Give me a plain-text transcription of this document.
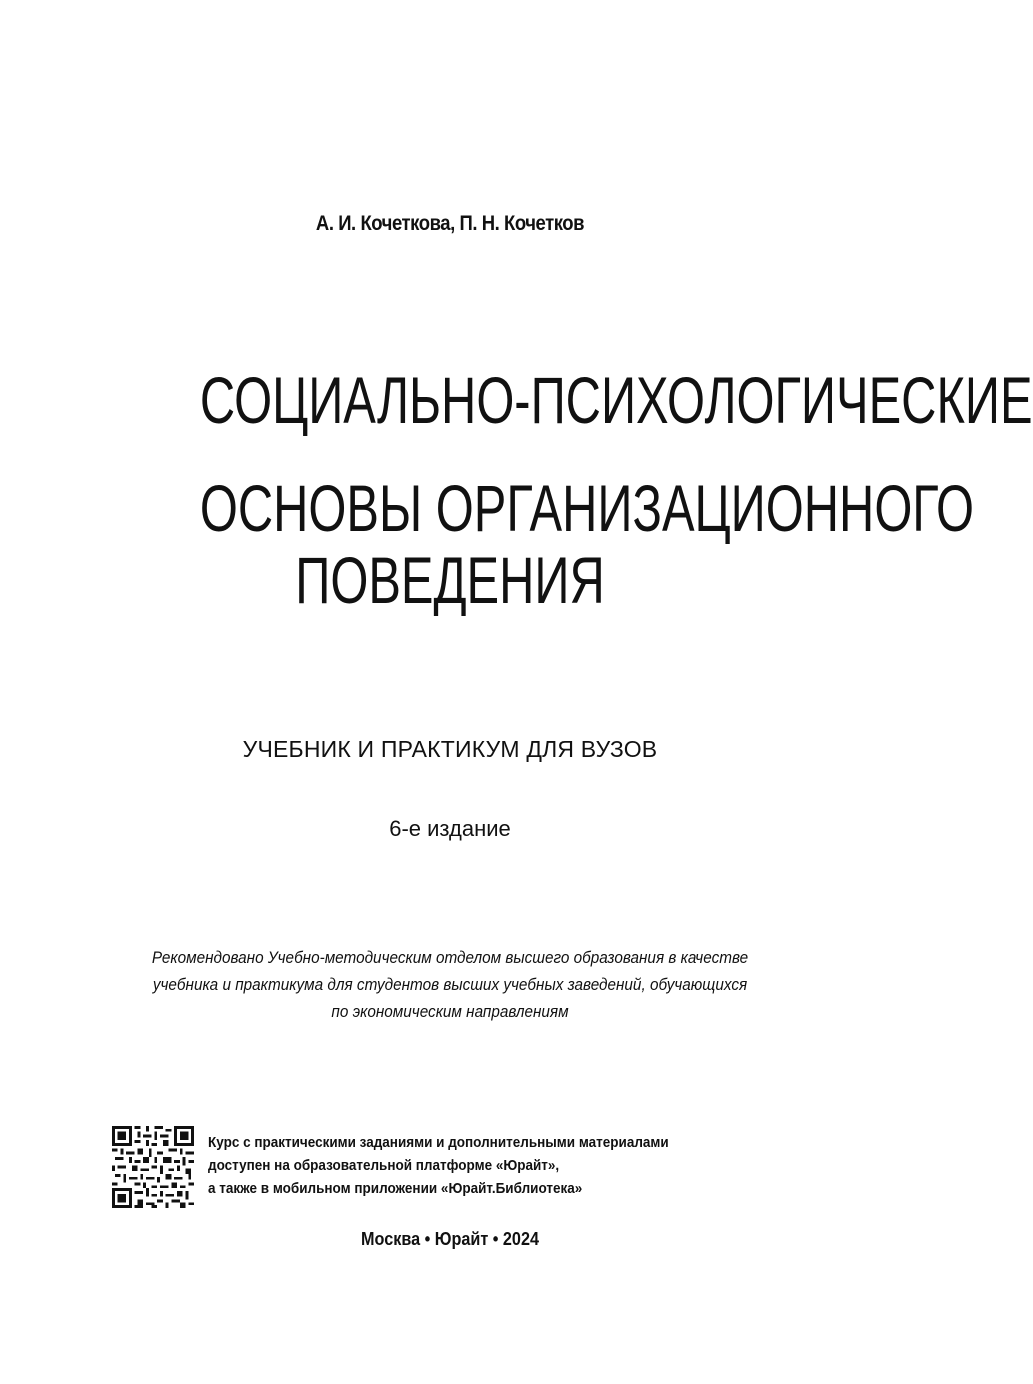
А. И. Кочеткова, П. Н. Кочетков
СОЦИАЛЬНО-ПСИХОЛОГИЧЕСКИЕ
ОСНОВЫ ОРГАНИЗАЦИОННОГО
ПОВЕДЕНИЯ
УЧЕБНИК И ПРАКТИКУМ ДЛЯ ВУЗОВ
6-е издание
Рекомендовано Учебно-методическим отделом высшего образования в качестве
учебника и практикума для студентов высших учебных заведений, обучающихся
по экономическим направлениям
Курс с практическими заданиями и дополнительными материалами
доступен на образовательной платформе «Юрайт»,
а также в мобильном приложении «Юрайт.Библиотека»
Москва • Юрайт • 2024
